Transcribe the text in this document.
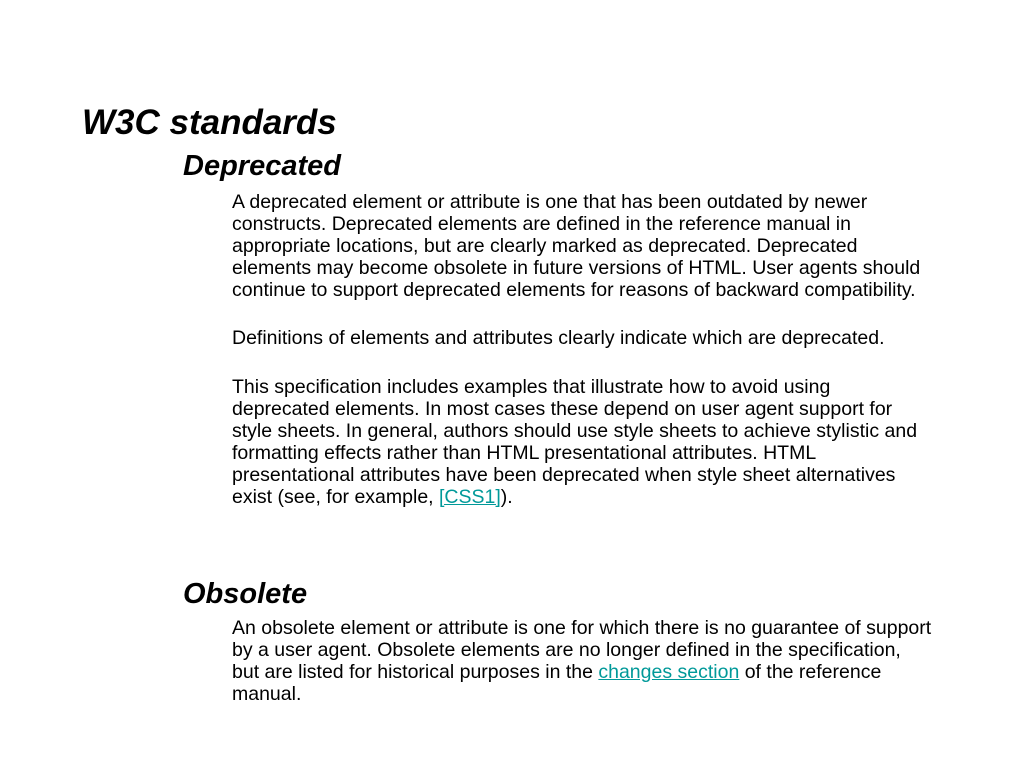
W3C standards
Deprecated

A deprecated element or attribute is one that has been outdated by newer constructs. Deprecated elements are defined in the reference manual in appropriate locations, but are clearly marked as deprecated. Deprecated elements may become obsolete in future versions of HTML. User agents should continue to support deprecated elements for reasons of backward compatibility.

Definitions of elements and attributes clearly indicate which are deprecated.

This specification includes examples that illustrate how to avoid using deprecated elements. In most cases these depend on user agent support for style sheets. In general, authors should use style sheets to achieve stylistic and formatting effects rather than HTML presentational attributes. HTML presentational attributes have been deprecated when style sheet alternatives exist (see, for example, [CSS1]).

Obsolete

An obsolete element or attribute is one for which there is no guarantee of support by a user agent. Obsolete elements are no longer defined in the specification, but are listed for historical purposes in the changes section of the reference manual.
